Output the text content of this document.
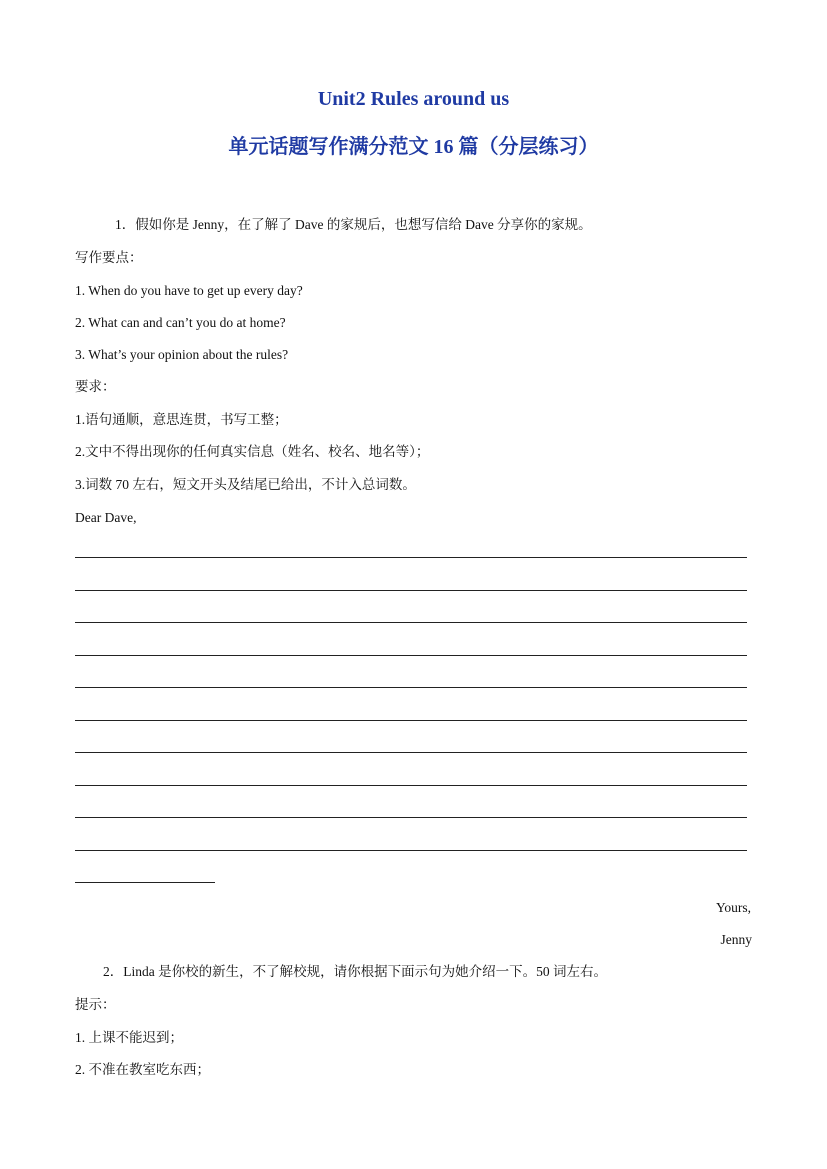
Unit2 Rules around us
单元话题写作满分范文 16 篇（分层练习）
1．假如你是 Jenny，在了解了 Dave 的家规后，也想写信给 Dave 分享你的家规。
写作要点：
1. When do you have to get up every day?
2. What can and can’t you do at home?
3. What’s your opinion about the rules?
要求：
1.语句通顺，意思连贯，书写工整；
2.文中不得出现你的任何真实信息（姓名、校名、地名等）；
3.词数 70 左右，短文开头及结尾已给出，不计入总词数。
Dear Dave,
Yours,
Jenny
2．Linda 是你校的新生，不了解校规，请你根据下面示句为她介绍一下。50 词左右。
提示：
1. 上课不能迟到；
2. 不准在教室吃东西；
